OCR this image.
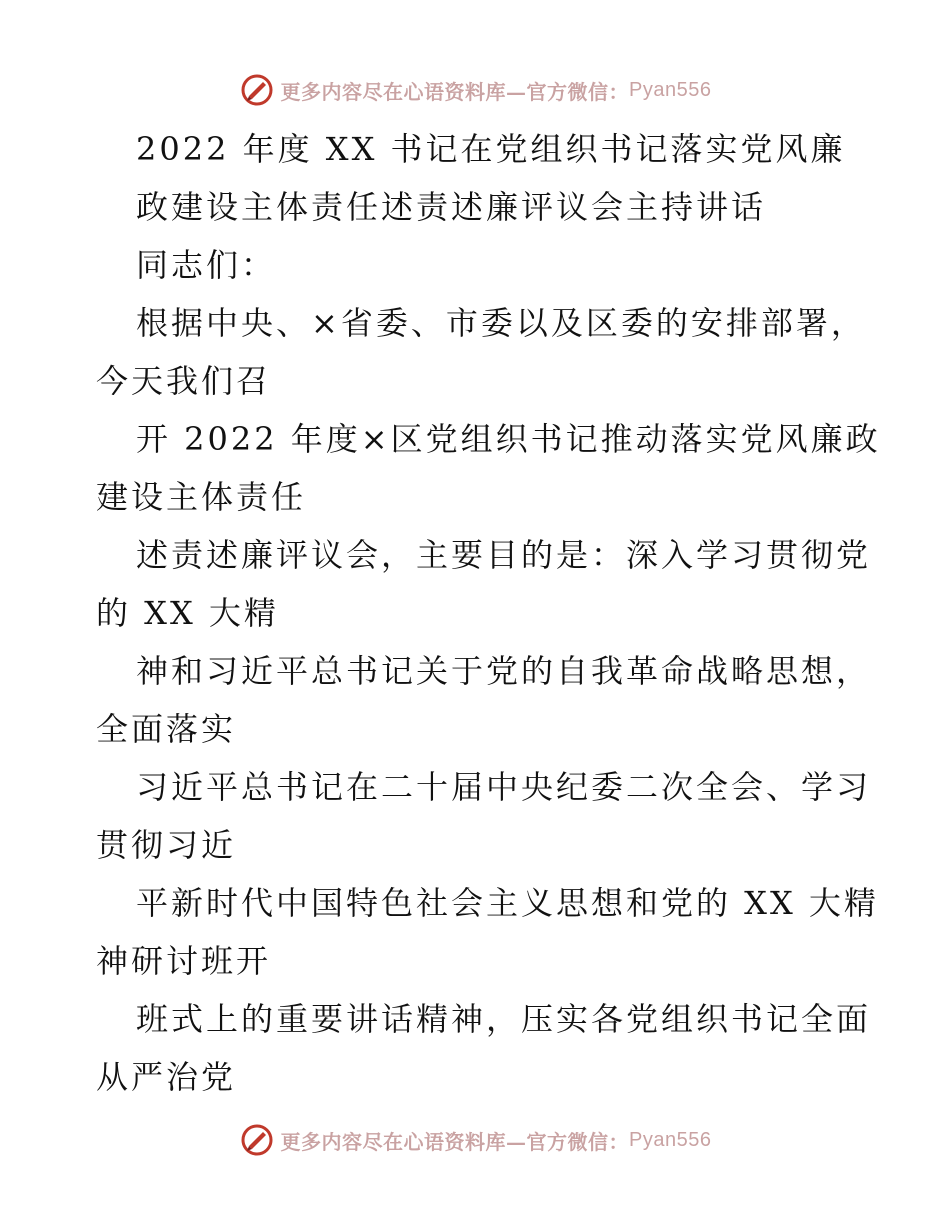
更多内容尽在心语资料库—官方微信： Pyan556
2022 年度 XX 书记在党组织书记落实党风廉
政建设主体责任述责述廉评议会主持讲话
同志们：
根据中央、×省委、市委以及区委的安排部署，
今天我们召
开 2022 年度×区党组织书记推动落实党风廉政
建设主体责任
述责述廉评议会，主要目的是：深入学习贯彻党
的 XX 大精
神和习近平总书记关于党的自我革命战略思想，
全面落实
习近平总书记在二十届中央纪委二次全会、学习
贯彻习近
平新时代中国特色社会主义思想和党的 XX 大精
神研讨班开
班式上的重要讲话精神，压实各党组织书记全面
从严治党
更多内容尽在心语资料库—官方微信： Pyan556
